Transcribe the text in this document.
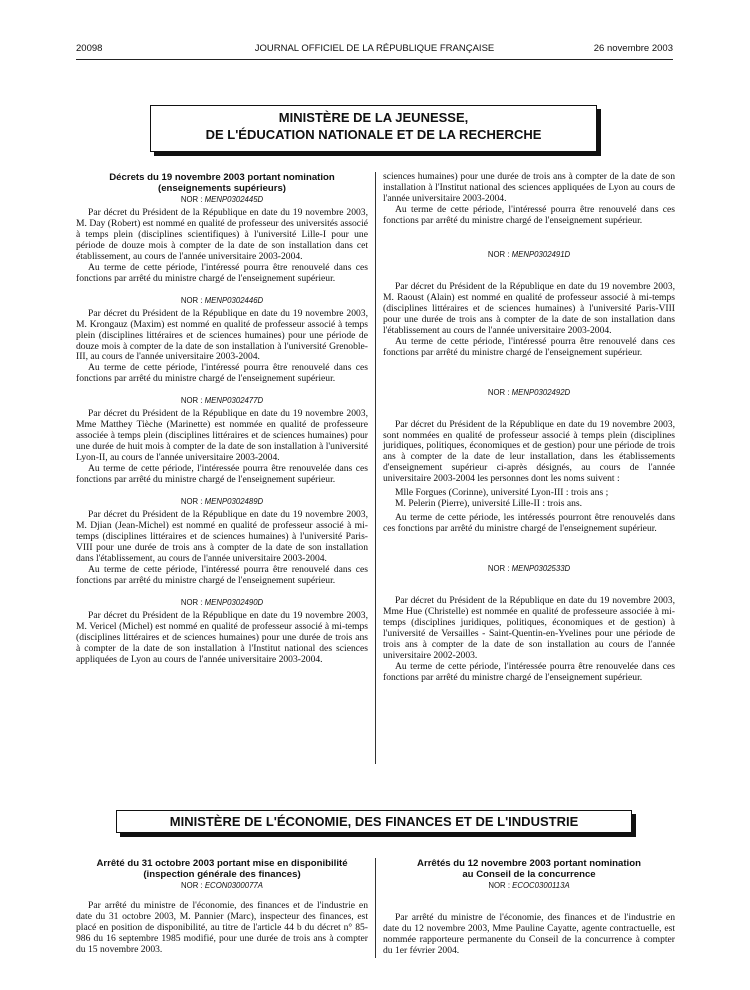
20098	JOURNAL OFFICIEL DE LA RÉPUBLIQUE FRANÇAISE	26 novembre 2003
MINISTÈRE DE LA JEUNESSE,
DE L'ÉDUCATION NATIONALE ET DE LA RECHERCHE
Décrets du 19 novembre 2003 portant nomination
(enseignements supérieurs)
NOR : MENP0302445D

Par décret du Président de la République en date du 19 novembre 2003, M. Day (Robert) est nommé en qualité de professeur des universités associé à temps plein (disciplines scientifiques) à l'université Lille-I pour une période de douze mois à compter de la date de son installation dans cet établissement, au cours de l'année universitaire 2003-2004.

Au terme de cette période, l'intéressé pourra être renouvelé dans ces fonctions par arrêté du ministre chargé de l'enseignement supérieur.

NOR : MENP0302446D

Par décret du Président de la République en date du 19 novembre 2003, M. Krongauz (Maxim) est nommé en qualité de professeur associé à temps plein (disciplines littéraires et de sciences humaines) pour une période de douze mois à compter de la date de son installation à l'université Grenoble-III, au cours de l'année universitaire 2003-2004.

Au terme de cette période, l'intéressé pourra être renouvelé dans ces fonctions par arrêté du ministre chargé de l'enseignement supérieur.

NOR : MENP0302477D

Par décret du Président de la République en date du 19 novembre 2003, Mme Matthey Tièche (Marinette) est nommée en qualité de professeure associée à temps plein (disciplines littéraires et de sciences humaines) pour une durée de huit mois à compter de la date de son installation à l'université Lyon-II, au cours de l'année universitaire 2003-2004.

Au terme de cette période, l'intéressée pourra être renouvelée dans ces fonctions par arrêté du ministre chargé de l'enseignement supérieur.

NOR : MENP0302489D

Par décret du Président de la République en date du 19 novembre 2003, M. Djian (Jean-Michel) est nommé en qualité de professeur associé à mi-temps (disciplines littéraires et de sciences humaines) à l'université Paris-VIII pour une durée de trois ans à compter de la date de son installation dans l'établissement, au cours de l'année universitaire 2003-2004.

Au terme de cette période, l'intéressé pourra être renouvelé dans ces fonctions par arrêté du ministre chargé de l'enseignement supérieur.

NOR : MENP0302490D

Par décret du Président de la République en date du 19 novembre 2003, M. Vericel (Michel) est nommé en qualité de professeur associé à mi-temps (disciplines littéraires et de sciences humaines) pour une durée de trois ans à compter de la date de son installation à l'Institut national des sciences appliquées de Lyon au cours de l'année universitaire 2003-2004.

sciences humaines) pour une durée de trois ans à compter de la date de son installation à l'Institut national des sciences appliquées de Lyon au cours de l'année universitaire 2003-2004.

Au terme de cette période, l'intéressé pourra être renouvelé dans ces fonctions par arrêté du ministre chargé de l'enseignement supérieur.

NOR : MENP0302491D

Par décret du Président de la République en date du 19 novembre 2003, M. Raoust (Alain) est nommé en qualité de professeur associé à mi-temps (disciplines littéraires et de sciences humaines) à l'université Paris-VIII pour une durée de trois ans à compter de la date de son installation dans l'établissement au cours de l'année universitaire 2003-2004.

Au terme de cette période, l'intéressé pourra être renouvelé dans ces fonctions par arrêté du ministre chargé de l'enseignement supérieur.

NOR : MENP0302492D

Par décret du Président de la République en date du 19 novembre 2003, sont nommées en qualité de professeur associé à temps plein (disciplines juridiques, politiques, économiques et de gestion) pour une période de trois ans à compter de la date de leur installation, dans les établissements d'enseignement supérieur ci-après désignés, au cours de l'année universitaire 2003-2004 les personnes dont les noms suivent :

Mlle Forgues (Corinne), université Lyon-III : trois ans ;

M. Pelerin (Pierre), université Lille-II : trois ans.

Au terme de cette période, les intéressés pourront être renouvelés dans ces fonctions par arrêté du ministre chargé de l'enseignement supérieur.

NOR : MENP0302533D

Par décret du Président de la République en date du 19 novembre 2003, Mme Hue (Christelle) est nommée en qualité de professeure associée à mi-temps (disciplines juridiques, politiques, économiques et de gestion) à l'université de Versailles - Saint-Quentin-en-Yvelines pour une période de trois ans à compter de la date de son installation au cours de l'année universitaire 2002-2003.

Au terme de cette période, l'intéressée pourra être renouvelée dans ces fonctions par arrêté du ministre chargé de l'enseignement supérieur.

MINISTÈRE DE L'ÉCONOMIE, DES FINANCES ET DE L'INDUSTRIE
Arrêté du 31 octobre 2003 portant mise en disponibilité
(inspection générale des finances)
NOR : ECON0300077A

Par arrêté du ministre de l'économie, des finances et de l'industrie en date du 31 octobre 2003, M. Pannier (Marc), inspecteur des finances, est placé en position de disponibilité, au titre de l'article 44 b du décret n° 85-986 du 16 septembre 1985 modifié, pour une durée de trois ans à compter du 15 novembre 2003.

Arrêtés du 12 novembre 2003 portant nomination
au Conseil de la concurrence
NOR : ECOC0300113A

Par arrêté du ministre de l'économie, des finances et de l'industrie en date du 12 novembre 2003, Mme Pauline Cayatte, agente contractuelle, est nommée rapporteure permanente du Conseil de la concurrence à compter du 1er février 2004.
